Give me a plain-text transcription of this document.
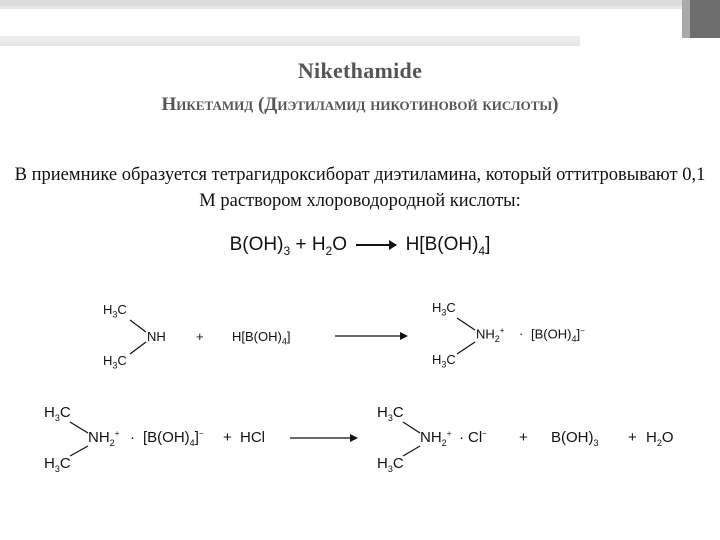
Nikethamide
Никетамид (Диэтиламид никотиновой кислоты)
В приемнике образуется тетрагидроксиборат диэтиламина, который оттитровывают 0,1 М раствором хлороводородной кислоты:
$B(OH)_3 + H_2O \to H[B(OH)_4]$
$H_3C$
NH
$H_3C$
+ $H[B(OH)_4]$
$H_3C$
$NH_2^+ \cdot [B(OH)_4]^-$
$H_3C$
$H_3C$
$NH_2^+ \cdot [B(OH)_4]^-$ + HCl
$H_3C$
$H_3C$
$NH_2^+ \cdot Cl^- + B(OH)_3 + H_2O$
$H_3C$
